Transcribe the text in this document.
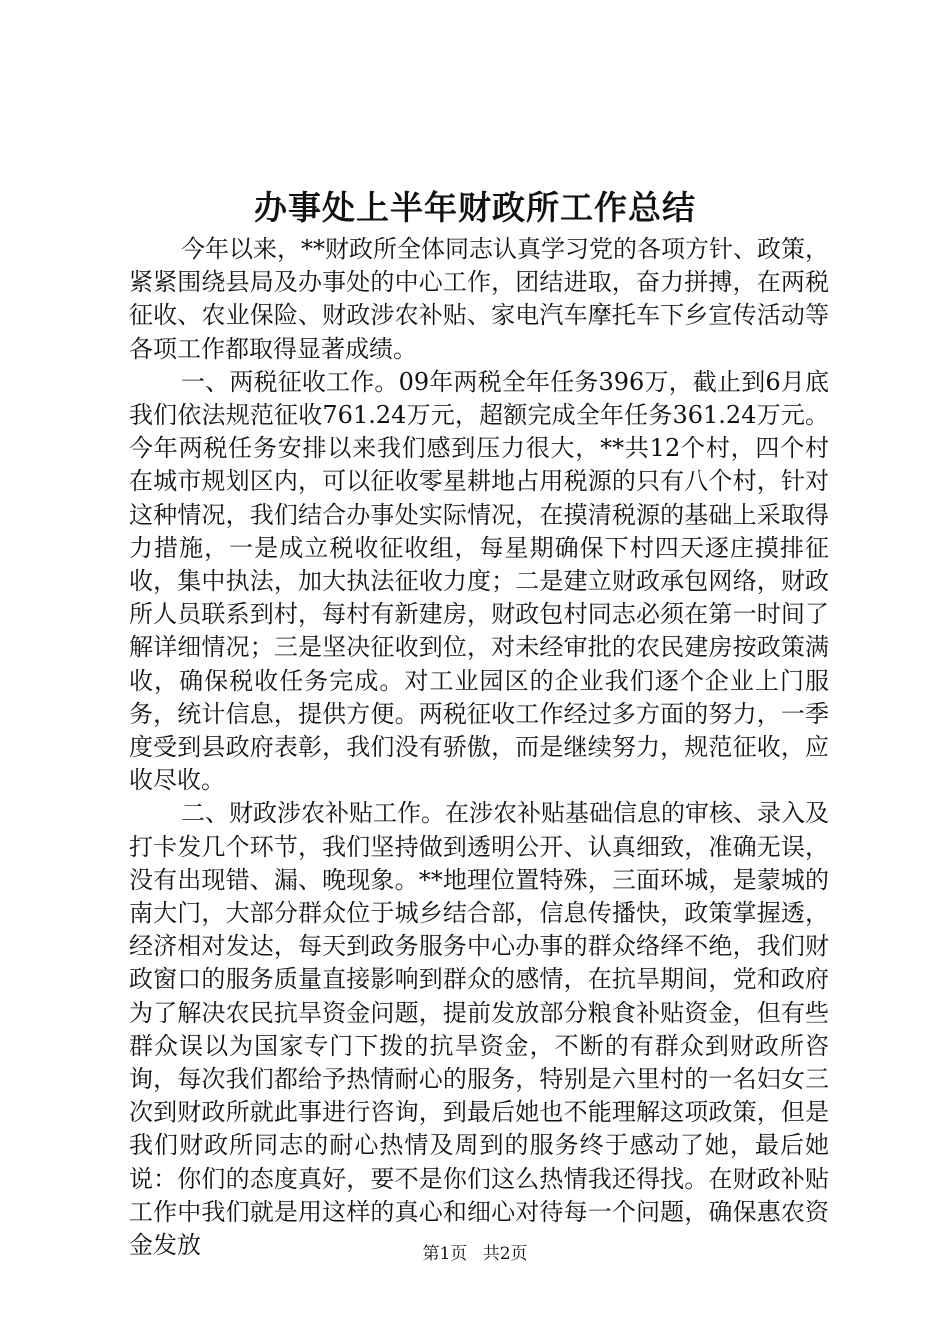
办事处上半年财政所工作总结

今年以来，**财政所全体同志认真学习党的各项方针、政策，紧紧围绕县局及办事处的中心工作，团结进取，奋力拼搏，在两税征收、农业保险、财政涉农补贴、家电汽车摩托车下乡宣传活动等各项工作都取得显著成绩。

一、两税征收工作。09年两税全年任务396万，截止到6月底我们依法规范征收761.24万元，超额完成全年任务361.24万元。今年两税任务安排以来我们感到压力很大，**共12个村，四个村在城市规划区内，可以征收零星耕地占用税源的只有八个村，针对这种情况，我们结合办事处实际情况，在摸清税源的基础上采取得力措施，一是成立税收征收组，每星期确保下村四天逐庄摸排征收，集中执法，加大执法征收力度；二是建立财政承包网络，财政所人员联系到村，每村有新建房，财政包村同志必须在第一时间了解详细情况；三是坚决征收到位，对未经审批的农民建房按政策满收，确保税收任务完成。对工业园区的企业我们逐个企业上门服务，统计信息，提供方便。两税征收工作经过多方面的努力，一季度受到县政府表彰，我们没有骄傲，而是继续努力，规范征收，应收尽收。

二、财政涉农补贴工作。在涉农补贴基础信息的审核、录入及打卡发几个环节，我们坚持做到透明公开、认真细致，准确无误，没有出现错、漏、晚现象。**地理位置特殊，三面环城，是蒙城的南大门，大部分群众位于城乡结合部，信息传播快，政策掌握透，经济相对发达，每天到政务服务中心办事的群众络绎不绝，我们财政窗口的服务质量直接影响到群众的感情，在抗旱期间，党和政府为了解决农民抗旱资金问题，提前发放部分粮食补贴资金，但有些群众误以为国家专门下拨的抗旱资金，不断的有群众到财政所咨询，每次我们都给予热情耐心的服务，特别是六里村的一名妇女三次到财政所就此事进行咨询，到最后她也不能理解这项政策，但是我们财政所同志的耐心热情及周到的服务终于感动了她，最后她说：你们的态度真好，要不是你们这么热情我还得找。在财政补贴工作中我们就是用这样的真心和细心对待每一个问题，确保惠农资金发放	第1页 共2页
